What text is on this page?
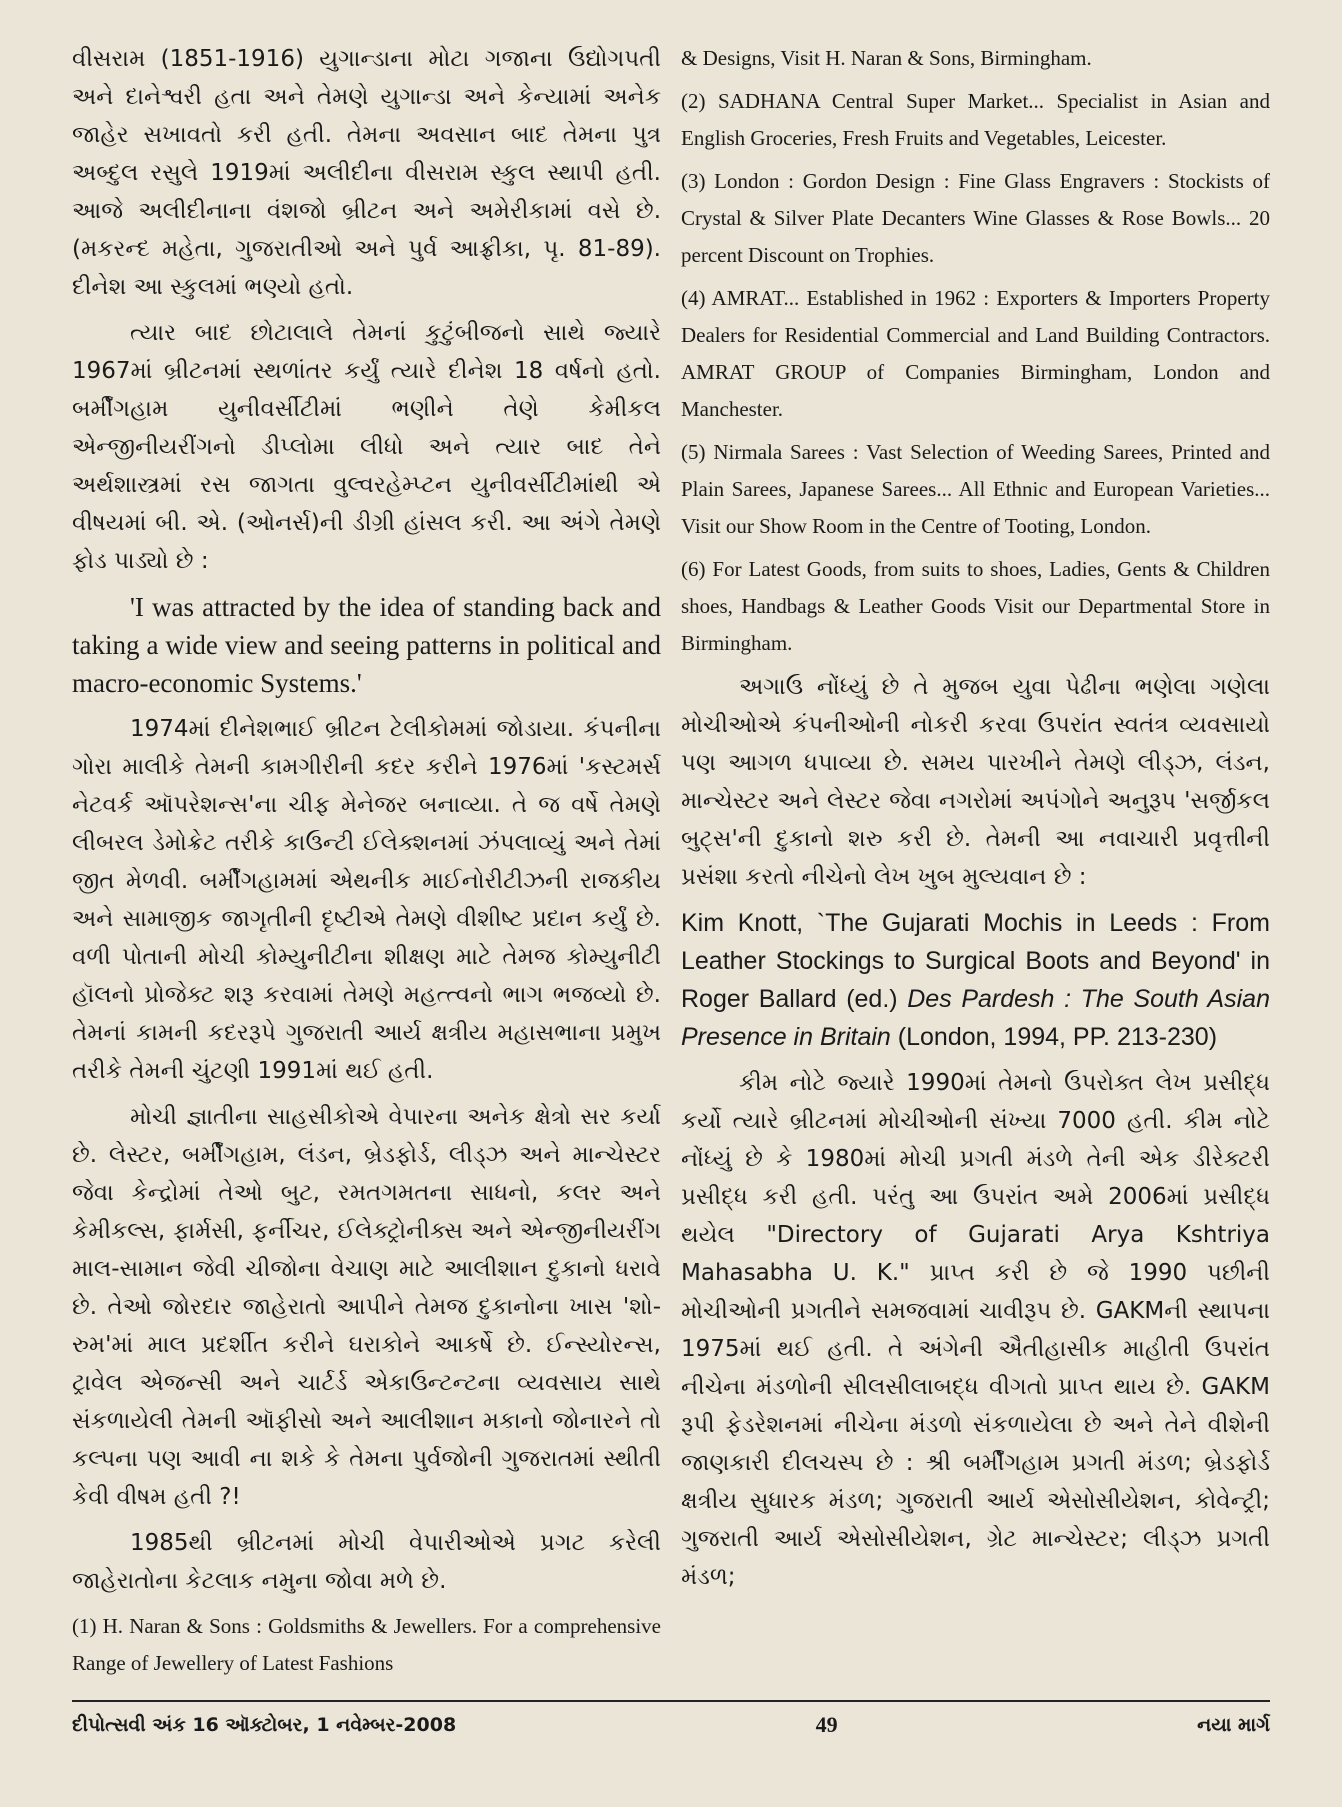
વીસરામ (1851-1916) યુગાન્ડાના મોટા ગજાના ઉદ્યોગપતી અને દાનેશ્વરી હતા અને તેમણે યુગાન્ડા અને કેન્યામાં અનેક જાહેર સખાવતો કરી હતી. તેમના અવસાન બાદ તેમના પુત્ર અબ્દુલ રસુલે 1919માં અલીદીના વીસરામ સ્કુલ સ્થાપી હતી. આજે અલીદીનાના વંશજો બ્રીટન અને અમેરીકામાં વસે છે. (મકરન્દ મહેતા, ગુજરાતીઓ અને પુર્વ આફ્રીકા, પૃ. 81-89). દીનેશ આ સ્કુલમાં ભણ્યો હતો.

ત્યાર બાદ છોટાલાલે તેમનાં કુટુંબીજનો સાથે જ્યારે 1967માં બ્રીટનમાં સ્થળાંતર કર્યું ત્યારે દીનેશ 18 વર્ષનો હતો. બર્મીંગહામ યુનીવર્સીટીમાં ભણીને તેણે કેમીકલ એન્જીનીયરીંગનો ડીપ્લોમા લીધો અને ત્યાર બાદ તેને અર્થશાસ્ત્રમાં રસ જાગતા વુલ્વરહેમ્પ્ટન યુનીવર્સીટીમાંથી એ વીષયમાં બી. એ. (ઓનર્સ)ની ડીગ્રી હાંસલ કરી. આ અંગે તેમણે ફોડ પાડ્યો છે :

'I was attracted by the idea of standing back and taking a wide view and seeing patterns in political and macro-economic Systems.'

1974માં દીનેશભાઈ બ્રીટન ટેલીકોમમાં જોડાયા. કંપનીના ગોરા માલીકે તેમની કામગીરીની કદર કરીને 1976માં 'કસ્ટમર્સ નેટવર્ક ઑપરેશન્સ'ના ચીફ મેનેજર બનાવ્યા. તે જ વર્ષે તેમણે લીબરલ ડેમોક્રેટ તરીકે કાઉન્ટી ઈલેક્શનમાં ઝંપલાવ્યું અને તેમાં જીત મેળવી. બર્મીંગહામમાં એથનીક માઈનોરીટીઝની રાજકીય અને સામાજીક જાગૃતીની દૃષ્ટીએ તેમણે વીશીષ્ટ પ્રદાન કર્યું છે. વળી પોતાની મોચી કોમ્યુનીટીના શીક્ષણ માટે તેમજ કોમ્યુનીટી હૉલનો પ્રોજેક્ટ શરૂ કરવામાં તેમણે મહત્ત્વનો ભાગ ભજવ્યો છે. તેમનાં કામની કદરરૂપે ગુજરાતી આર્ય ક્ષત્રીય મહાસભાના પ્રમુખ તરીકે તેમની ચુંટણી 1991માં થઈ હતી.

મોચી જ્ઞાતીના સાહસીકોએ વેપારના અનેક ક્ષેત્રો સર કર્યા છે. લેસ્ટર, બર્મીંગહામ, લંડન, બ્રેડફોર્ડ, લીડ્ઝ અને માન્ચેસ્ટર જેવા કેન્દ્રોમાં તેઓ બુટ, રમતગમતના સાધનો, કલર અને કેમીકલ્સ, ફાર્મસી, ફર્નીચર, ઈલેક્ટ્રોનીક્સ અને એન્જીનીયરીંગ માલ-સામાન જેવી ચીજોના વેચાણ માટે આલીશાન દુકાનો ધરાવે છે. તેઓ જોરદાર જાહેરાતો આપીને તેમજ દુકાનોના ખાસ 'શો-રુમ'માં માલ પ્રદર્શીત કરીને ઘરાકોને આકર્ષે છે. ઈન્સ્યોરન્સ, ટ્રાવેલ એજન્સી અને ચાર્ટર્ડ એકાઉન્ટન્ટના વ્યવસાય સાથે સંકળાયેલી તેમની ઑફીસો અને આલીશાન મકાનો જોનારને તો કલ્પના પણ આવી ના શકે કે તેમના પુર્વજોની ગુજરાતમાં સ્થીતી કેવી વીષમ હતી ?!

1985થી બ્રીટનમાં મોચી વેપારીઓએ પ્રગટ કરેલી જાહેરાતોના કેટલાક નમુના જોવા મળે છે.

(1) H. Naran & Sons : Goldsmiths & Jewellers. For a comprehensive Range of Jewellery of Latest Fashions

& Designs, Visit H. Naran & Sons, Birmingham.

(2) SADHANA Central Super Market... Specialist in Asian and English Groceries, Fresh Fruits and Vegetables, Leicester.

(3) London : Gordon Design : Fine Glass Engravers : Stockists of Crystal & Silver Plate Decanters Wine Glasses & Rose Bowls... 20 percent Discount on Trophies.

(4) AMRAT... Established in 1962 : Exporters & Importers Property Dealers for Residential Commercial and Land Building Contractors. AMRAT GROUP of Companies Birmingham, London and Manchester.

(5) Nirmala Sarees : Vast Selection of Weeding Sarees, Printed and Plain Sarees, Japanese Sarees... All Ethnic and European Varieties... Visit our Show Room in the Centre of Tooting, London.

(6) For Latest Goods, from suits to shoes, Ladies, Gents & Children shoes, Handbags & Leather Goods Visit our Departmental Store in Birmingham.

અગાઉ નોંધ્યું છે તે મુજબ યુવા પેઢીના ભણેલા ગણેલા મોચીઓએ કંપનીઓની નોકરી કરવા ઉપરાંત સ્વતંત્ર વ્યવસાયો પણ આગળ ધપાવ્યા છે. સમય પારખીને તેમણે લીડ્ઝ, લંડન, માન્ચેસ્ટર અને લેસ્ટર જેવા નગરોમાં અપંગોને અનુરૂપ 'સર્જીકલ બુટ્સ'ની દુકાનો શરુ કરી છે. તેમની આ નવાચારી પ્રવૃત્તીની પ્રસંશા કરતો નીચેનો લેખ ખુબ મુલ્યવાન છે :

Kim Knott, `The Gujarati Mochis in Leeds : From Leather Stockings to Surgical Boots and Beyond' in Roger Ballard (ed.) Des Pardesh : The South Asian Presence in Britain (London, 1994, PP. 213-230)

કીમ નોટે જ્યારે 1990માં તેમનો ઉપરોક્ત લેખ પ્રસીદ્ધ કર્યો ત્યારે બ્રીટનમાં મોચીઓની સંખ્યા 7000 હતી. કીમ નોટે નોંધ્યું છે કે 1980માં મોચી પ્રગતી મંડળે તેની એક ડીરેક્ટરી પ્રસીદ્ધ કરી હતી. પરંતુ આ ઉપરાંત અમે 2006માં પ્રસીદ્ધ થયેલ "Directory of Gujarati Arya Kshtriya Mahasabha U. K." પ્રાપ્ત કરી છે જે 1990 પછીની મોચીઓની પ્રગતીને સમજવામાં ચાવીરૂપ છે. GAKMની સ્થાપના 1975માં થઈ હતી. તે અંગેની ઐતીહાસીક માહીતી ઉપરાંત નીચેના મંડળોની સીલસીલાબદ્ધ વીગતો પ્રાપ્ત થાય છે. GAKM રૂપી ફેડરેશનમાં નીચેના મંડળો સંકળાયેલા છે અને તેને વીશેની જાણકારી દીલચસ્પ છે : શ્રી બર્મીંગહામ પ્રગતી મંડળ; બ્રેડફોર્ડ ક્ષત્રીય સુધારક મંડળ; ગુજરાતી આર્ય એસોસીયેશન, કોવેન્ટ્રી; ગુજરાતી આર્ય એસોસીયેશન, ગ્રેટ માન્ચેસ્ટર; લીડ્ઝ પ્રગતી મંડળ;

દીપોત્સવી અંક 16 ઑક્ટોબર, 1 નવેમ્બર-2008	49	નયા માર્ગ
